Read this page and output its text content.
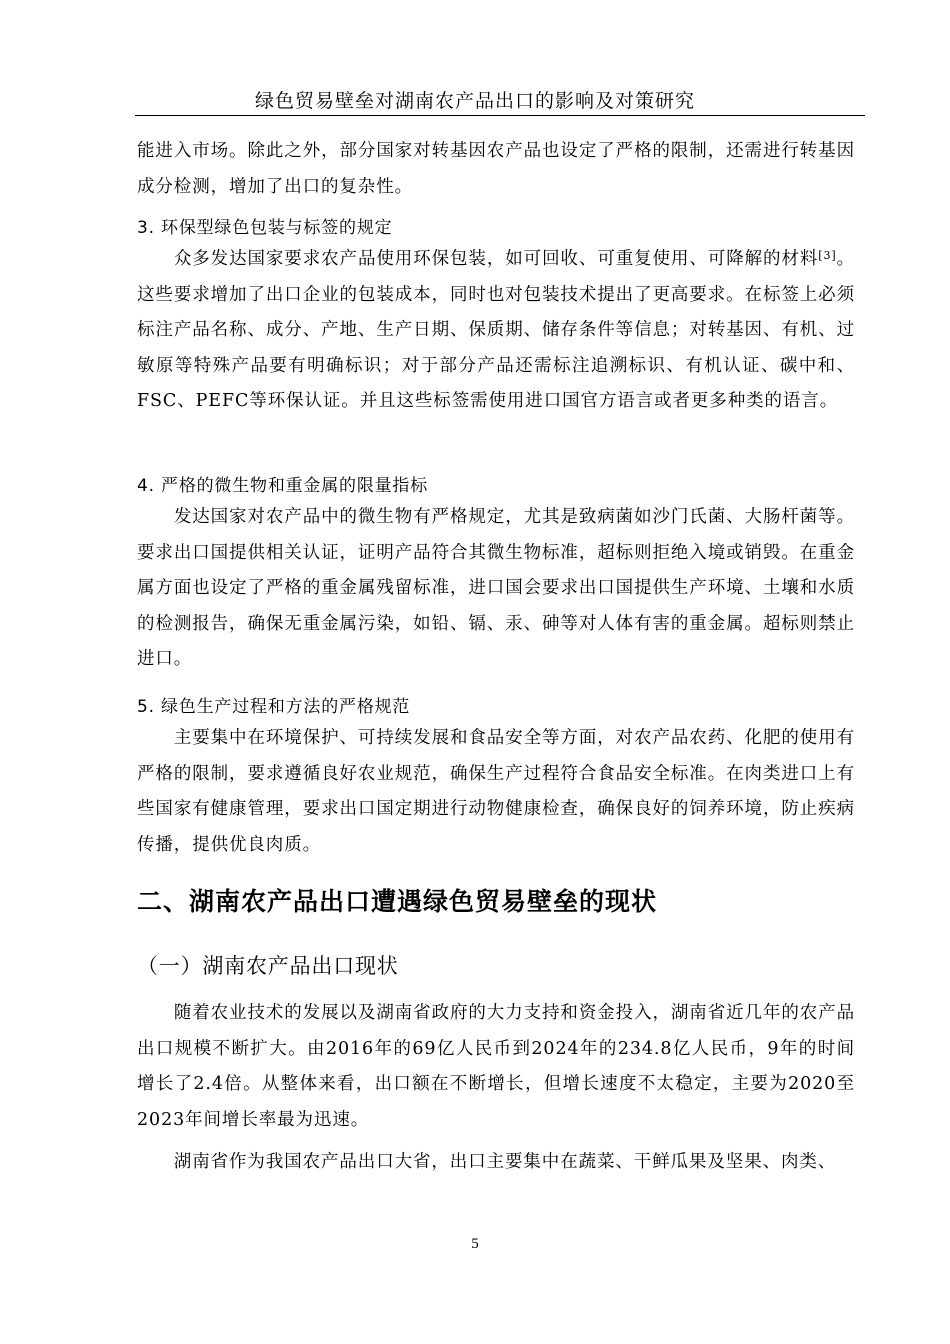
绿色贸易壁垒对湖南农产品出口的影响及对策研究
能进入市场。除此之外，部分国家对转基因农产品也设定了严格的限制，还需进行转基因成分检测，增加了出口的复杂性。
3. 环保型绿色包装与标签的规定
　　众多发达国家要求农产品使用环保包装，如可回收、可重复使用、可降解的材料[3]。这些要求增加了出口企业的包装成本，同时也对包装技术提出了更高要求。在标签上必须标注产品名称、成分、产地、生产日期、保质期、储存条件等信息；对转基因、有机、过敏原等特殊产品要有明确标识；对于部分产品还需标注追溯标识、有机认证、碳中和、FSC、PEFC等环保认证。并且这些标签需使用进口国官方语言或者更多种类的语言。
4. 严格的微生物和重金属的限量指标
　　发达国家对农产品中的微生物有严格规定，尤其是致病菌如沙门氏菌、大肠杆菌等。要求出口国提供相关认证，证明产品符合其微生物标准，超标则拒绝入境或销毁。在重金属方面也设定了严格的重金属残留标准，进口国会要求出口国提供生产环境、土壤和水质的检测报告，确保无重金属污染，如铅、镉、汞、砷等对人体有害的重金属。超标则禁止进口。
5. 绿色生产过程和方法的严格规范
　　主要集中在环境保护、可持续发展和食品安全等方面，对农产品农药、化肥的使用有严格的限制，要求遵循良好农业规范，确保生产过程符合食品安全标准。在肉类进口上有些国家有健康管理，要求出口国定期进行动物健康检查，确保良好的饲养环境，防止疾病传播，提供优良肉质。
二、湖南农产品出口遭遇绿色贸易壁垒的现状
（一）湖南农产品出口现状
　　随着农业技术的发展以及湖南省政府的大力支持和资金投入，湖南省近几年的农产品出口规模不断扩大。由2016年的69亿人民币到2024年的234.8亿人民币，9年的时间增长了2.4倍。从整体来看，出口额在不断增长，但增长速度不太稳定，主要为2020至2023年间增长率最为迅速。
　　湖南省作为我国农产品出口大省，出口主要集中在蔬菜、干鲜瓜果及坚果、肉类、
5
